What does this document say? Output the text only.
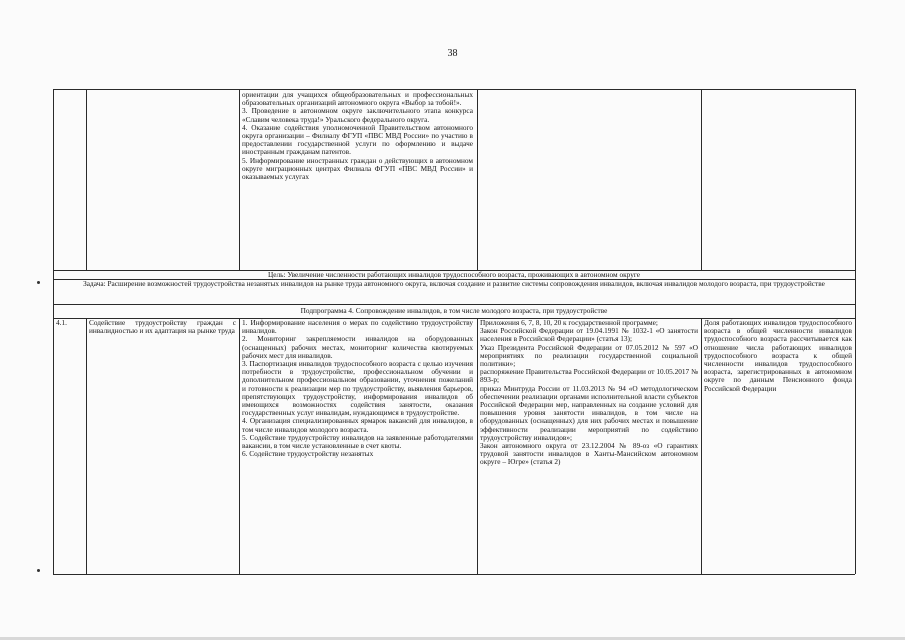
38

ориентации для учащихся общеобразовательных и профессиональных образовательных организаций автономного округа «Выбор за тобой!».

3. Проведение в автономном округе заключительного этапа конкурса «Славим человека труда!» Уральского федерального округа.

4. Оказание содействия уполномоченной Правительством автономного округа организации – Филиалу ФГУП «ПВС МВД России» по участию в предоставлении государственной услуги по оформлению и выдаче иностранным гражданам патентов.

5. Информирование иностранных граждан о действующих в автономном округе миграционных центрах Филиала ФГУП «ПВС МВД России» и оказываемых услугах

Цель: Увеличение численности работающих инвалидов трудоспособного возраста, проживающих в автономном округе
Задача: Расширение возможностей трудоустройства незанятых инвалидов на рынке труда автономного округа, включая создание и развитие системы сопровождения инвалидов, включая инвалидов молодого возраста, при трудоустройстве
Подпрограмма 4. Сопровождение инвалидов, в том числе молодого возраста, при трудоустройстве
4.1.	Содействие трудоустройству граждан с инвалидностью и их адаптация на рынке труда

1. Информирование населения о мерах по содействию трудоустройству инвалидов.

2. Мониторинг закрепляемости инвалидов на оборудованных (оснащенных) рабочих местах, мониторинг количества квотируемых рабочих мест для инвалидов.

3. Паспортизация инвалидов трудоспособного возраста с целью изучения потребности в трудоустройстве, профессиональном обучении и дополнительном профессиональном образовании, уточнения пожеланий и готовности к реализации мер по трудоустройству, выявления барьеров, препятствующих трудоустройству, информирования инвалидов об имеющихся возможностях содействия занятости, оказания государственных услуг инвалидам, нуждающимся в трудоустройстве.

4. Организация специализированных ярмарок вакансий для инвалидов, в том числе инвалидов молодого возраста.

5. Содействие трудоустройству инвалидов на заявленные работодателями вакансии, в том числе установленные в счет квоты.

6. Содействие трудоустройству незанятых

Приложения 6, 7, 8, 10, 20 к государственной программе;

Закон Российской Федерации от 19.04.1991 № 1032-1 «О занятости населения в Российской Федерации» (статья 13);

Указ Президента Российской Федерации от 07.05.2012 № 597 «О мероприятиях по реализации государственной социальной политики»;

распоряжение Правительства Российской Федерации от 10.05.2017 № 893-р;

приказ Минтруда России от 11.03.2013 № 94 «О методологическом обеспечении реализации органами исполнительной власти субъектов Российской Федерации мер, направленных на создание условий для повышения уровня занятости инвалидов, в том числе на оборудованных (оснащенных) для них рабочих местах и повышение эффективности реализации мероприятий по содействию трудоустройству инвалидов»;

Закон автономного округа от 23.12.2004 № 89-оз «О гарантиях трудовой занятости инвалидов в Ханты-Мансийском автономном округе – Югре» (статья 2)

Доля работающих инвалидов трудоспособного возраста в общей численности инвалидов трудоспособного возраста рассчитывается как отношение числа работающих инвалидов трудоспособного возраста к общей численности инвалидов трудоспособного возраста, зарегистрированных в автономном округе по данным Пенсионного фонда Российской Федерации
